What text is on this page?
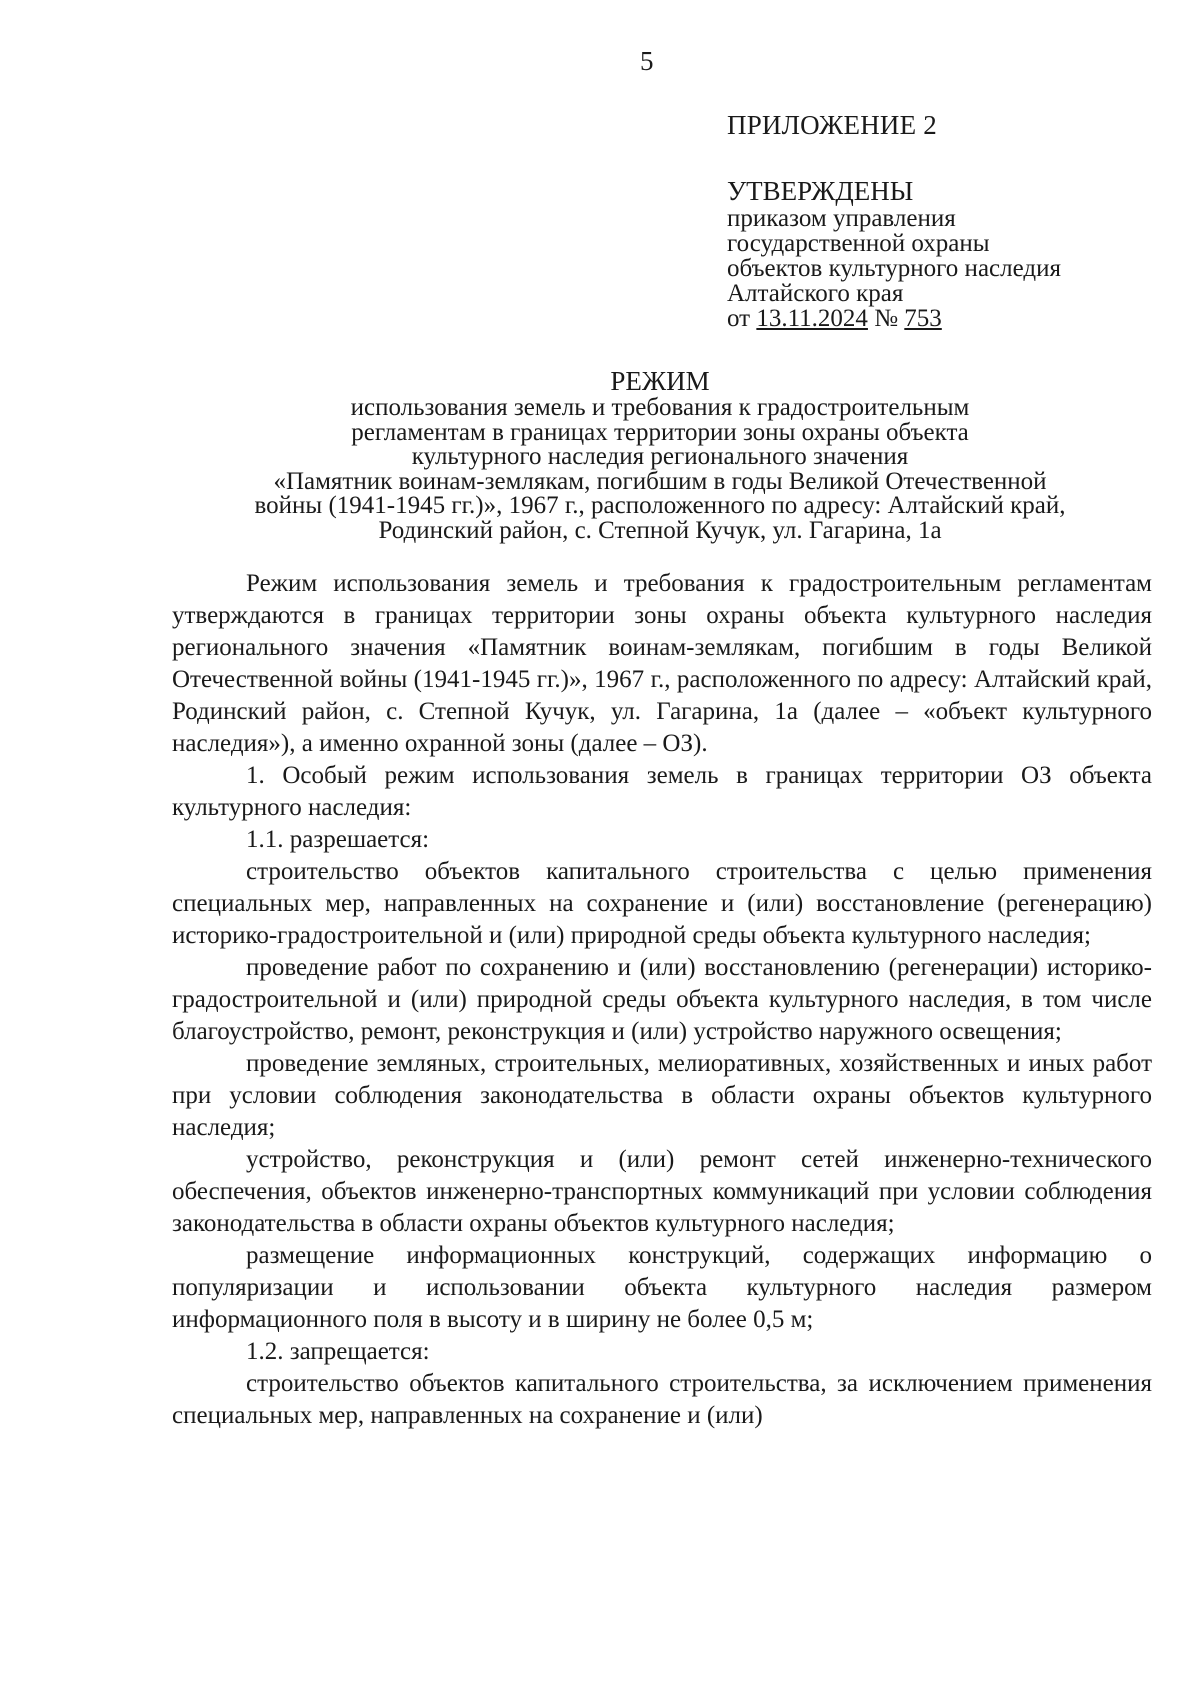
5
ПРИЛОЖЕНИЕ 2
УТВЕРЖДЕНЫ
приказом управления
государственной охраны
объектов культурного наследия
Алтайского края
от 13.11.2024 № 753
РЕЖИМ
использования земель и требования к градостроительным
регламентам в границах территории зоны охраны объекта
культурного наследия регионального значения
«Памятник воинам-землякам, погибшим в годы Великой Отечественной
войны (1941-1945 гг.)», 1967 г., расположенного по адресу: Алтайский край,
Родинский район, с. Степной Кучук, ул. Гагарина, 1а

Режим использования земель и требования к градостроительным регламентам утверждаются в границах территории зоны охраны объекта культурного наследия регионального значения «Памятник воинам-землякам, погибшим в годы Великой Отечественной войны (1941-1945 гг.)», 1967 г., расположенного по адресу: Алтайский край, Родинский район, с. Степной Кучук, ул. Гагарина, 1а (далее – «объект культурного наследия»), а именно охранной зоны (далее – ОЗ).

1. Особый режим использования земель в границах территории ОЗ объекта культурного наследия:

1.1. разрешается:

строительство объектов капитального строительства с целью применения специальных мер, направленных на сохранение и (или) восстановление (регенерацию) историко-градостроительной и (или) природной среды объекта культурного наследия;

проведение работ по сохранению и (или) восстановлению (регенерации) историко-градостроительной и (или) природной среды объекта культурного наследия, в том числе благоустройство, ремонт, реконструкция и (или) устройство наружного освещения;

проведение земляных, строительных, мелиоративных, хозяйственных и иных работ при условии соблюдения законодательства в области охраны объектов культурного наследия;

устройство, реконструкция и (или) ремонт сетей инженерно-технического обеспечения, объектов инженерно-транспортных коммуникаций при условии соблюдения законодательства в области охраны объектов культурного наследия;

размещение информационных конструкций, содержащих информацию о популяризации и использовании объекта культурного наследия размером информационного поля в высоту и в ширину не более 0,5 м;

1.2. запрещается:

строительство объектов капитального строительства, за исключением применения специальных мер, направленных на сохранение и (или)
